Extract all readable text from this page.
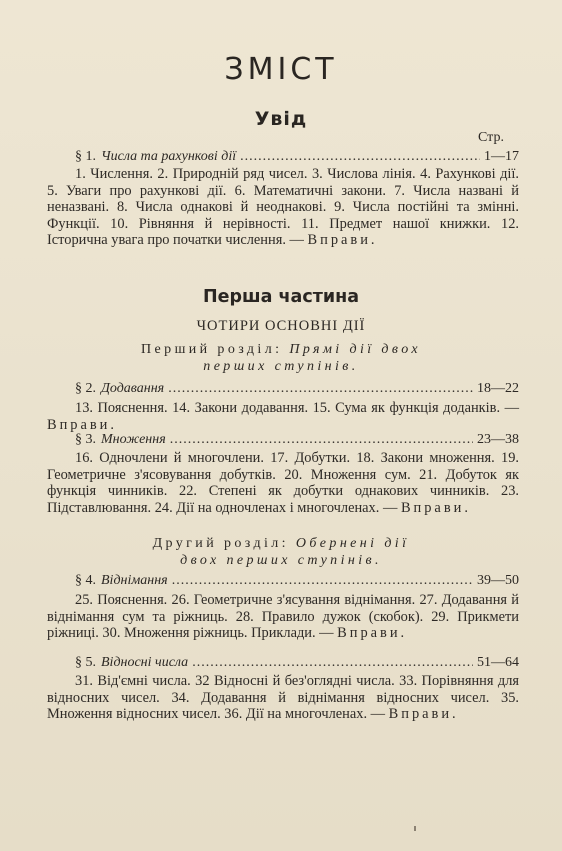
ЗМІСТ
Увід
Стр.
§ 1. Числа та рахункові дії .....	1—17
1. Числення. 2. Природній ряд чисел. 3. Числова лінія. 4. Рахункові дії. 5. Уваги про рахункові дії. 6. Математичні закони. 7. Числа названі й неназвані. 8. Числа однакові й неоднакові. 9. Числа постійні та змінні. Функції. 10. Рівняння й нерівності. 11. Предмет нашої книжки. 12. Історична увага про початки числення. — Вправи.
Перша частина
ЧОТИРИ ОСНОВНІ ДІЇ
Перший розділ: Прямі дії двох
перших ступінів.
§ 2. Додавання .....	18—22
13. Пояснення. 14. Закони додавання. 15. Сума як функція доданків. — Вправи.
§ 3. Множення .....	23—38
16. Одночлени й многочлени. 17. Добутки. 18. Закони множення. 19. Геометричне з'ясовування добутків. 20. Множення сум. 21. Добуток як функція чинників. 22. Степені як добутки однакових чинників. 23. Підставлювання. 24. Дії на одночленах і многочленах. — Вправи.
Другий розділ: Обернені дії
двох перших ступінів.
§ 4. Віднімання .....	39—50
25. Пояснення. 26. Геометричне з'ясування віднімання. 27. Додавання й віднімання сум та ріжниць. 28. Правило дужок (скобок). 29. Прикмети ріжниці. 30. Множення ріжниць. Приклади. — Вправи.
§ 5. Відносні числа .....	51—64
31. Від'ємні числа. 32 Відносні й без'оглядні числа. 33. Порівняння для відносних чисел. 34. Додавання й віднімання відносних чисел. 35. Множення відносних чисел. 36. Дії на многочленах. — Вправи.
